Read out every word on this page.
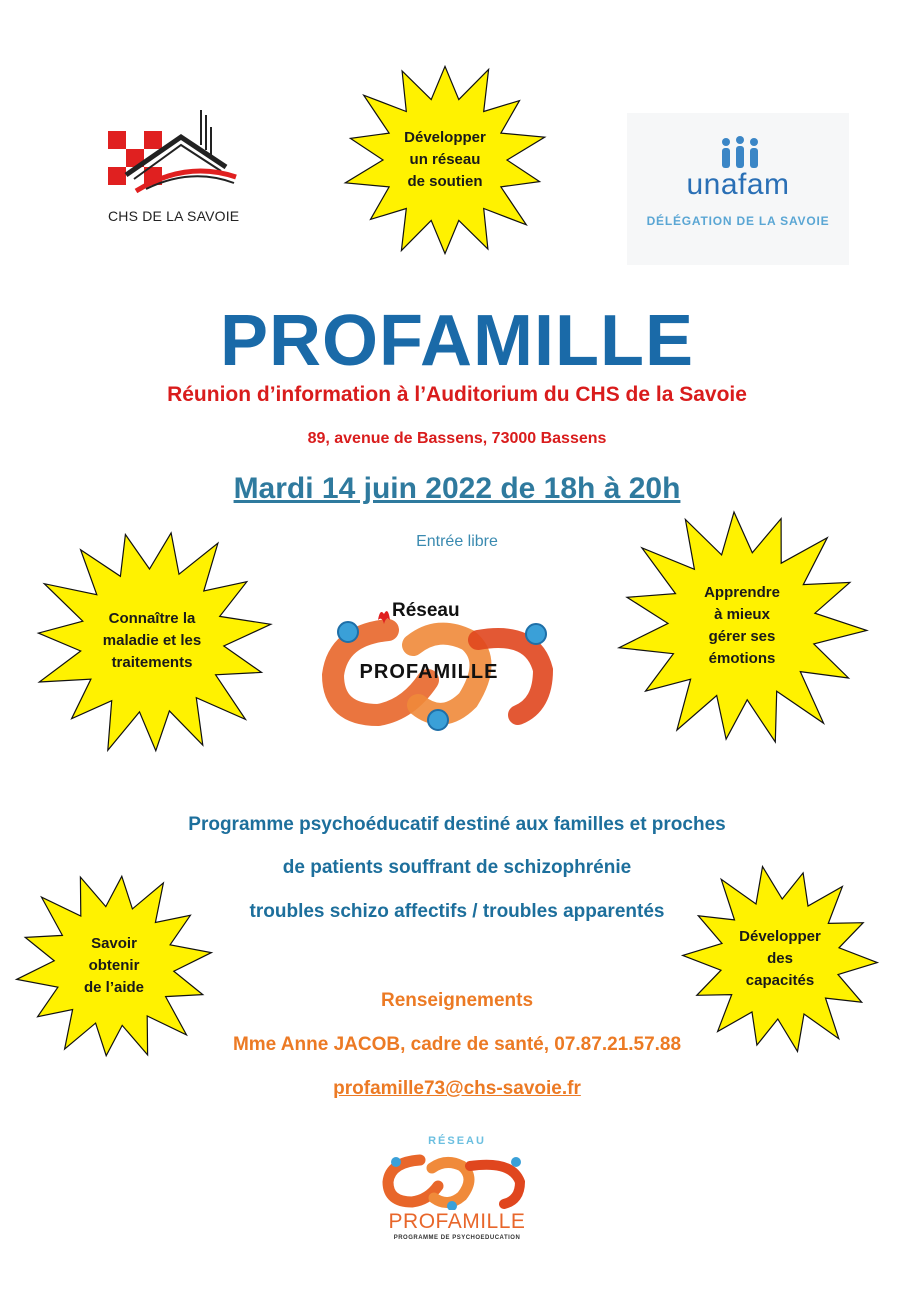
CHS DE LA SAVOIE
unafam
DÉLÉGATION DE LA SAVOIE
Développer
un réseau
de soutien
Connaître la
maladie et les
traitements
Apprendre
à mieux
gérer ses
émotions
Savoir
obtenir
de l’aide
Développer
des
capacités
PROFAMILLE
Réunion d’information à l’Auditorium du CHS de la Savoie
89, avenue de Bassens, 73000 Bassens
Mardi 14 juin 2022 de 18h à 20h
Entrée libre
Réseau
PROFAMILLE
Programme psychoéducatif destiné aux familles et proches
de patients souffrant de schizophrénie
troubles schizo affectifs / troubles apparentés
Renseignements
Mme Anne JACOB, cadre de santé, 07.87.21.57.88
profamille73@chs-savoie.fr
RÉSEAU
PROFAMILLE
PROGRAMME DE PSYCHOEDUCATION
